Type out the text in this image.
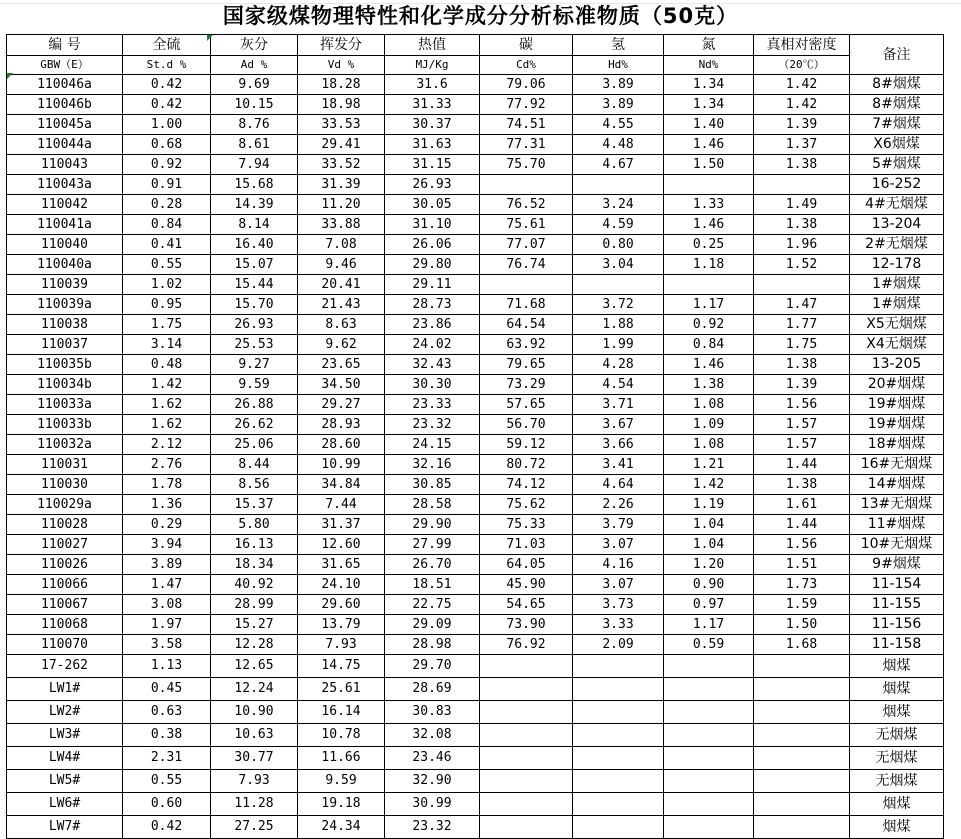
国家级煤物理特性和化学成分分析标准物质（50克）
编 号	全硫	灰分	挥发分	热值	碳	氢	氮	真相对密度	备注
GBW（E）	St.d %	Ad %	Vd %	MJ/Kg	Cd%	Hd%	Nd%	（20℃）	
110046a	0.42	9.69	18.28	31.6	79.06	3.89	1.34	1.42	8#烟煤
110046b	0.42	10.15	18.98	31.33	77.92	3.89	1.34	1.42	8#烟煤
110045a	1.00	8.76	33.53	30.37	74.51	4.55	1.40	1.39	7#烟煤
110044a	0.68	8.61	29.41	31.63	77.31	4.48	1.46	1.37	X6烟煤
110043	0.92	7.94	33.52	31.15	75.70	4.67	1.50	1.38	5#烟煤
110043a	0.91	15.68	31.39	26.93					16-252
110042	0.28	14.39	11.20	30.05	76.52	3.24	1.33	1.49	4#无烟煤
110041a	0.84	8.14	33.88	31.10	75.61	4.59	1.46	1.38	13-204
110040	0.41	16.40	7.08	26.06	77.07	0.80	0.25	1.96	2#无烟煤
110040a	0.55	15.07	9.46	29.80	76.74	3.04	1.18	1.52	12-178
110039	1.02	15.44	20.41	29.11					1#烟煤
110039a	0.95	15.70	21.43	28.73	71.68	3.72	1.17	1.47	1#烟煤
110038	1.75	26.93	8.63	23.86	64.54	1.88	0.92	1.77	X5无烟煤
110037	3.14	25.53	9.62	24.02	63.92	1.99	0.84	1.75	X4无烟煤
110035b	0.48	9.27	23.65	32.43	79.65	4.28	1.46	1.38	13-205
110034b	1.42	9.59	34.50	30.30	73.29	4.54	1.38	1.39	20#烟煤
110033a	1.62	26.88	29.27	23.33	57.65	3.71	1.08	1.56	19#烟煤
110033b	1.62	26.62	28.93	23.32	56.70	3.67	1.09	1.57	19#烟煤
110032a	2.12	25.06	28.60	24.15	59.12	3.66	1.08	1.57	18#烟煤
110031	2.76	8.44	10.99	32.16	80.72	3.41	1.21	1.44	16#无烟煤
110030	1.78	8.56	34.84	30.85	74.12	4.64	1.42	1.38	14#烟煤
110029a	1.36	15.37	7.44	28.58	75.62	2.26	1.19	1.61	13#无烟煤
110028	0.29	5.80	31.37	29.90	75.33	3.79	1.04	1.44	11#烟煤
110027	3.94	16.13	12.60	27.99	71.03	3.07	1.04	1.56	10#无烟煤
110026	3.89	18.34	31.65	26.70	64.05	4.16	1.20	1.51	9#烟煤
110066	1.47	40.92	24.10	18.51	45.90	3.07	0.90	1.73	11-154
110067	3.08	28.99	29.60	22.75	54.65	3.73	0.97	1.59	11-155
110068	1.97	15.27	13.79	29.09	73.90	3.33	1.17	1.50	11-156
110070	3.58	12.28	7.93	28.98	76.92	2.09	0.59	1.68	11-158
17-262	1.13	12.65	14.75	29.70					烟煤
LW1#	0.45	12.24	25.61	28.69					烟煤
LW2#	0.63	10.90	16.14	30.83					烟煤
LW3#	0.38	10.63	10.78	32.08					无烟煤
LW4#	2.31	30.77	11.66	23.46					无烟煤
LW5#	0.55	7.93	9.59	32.90					无烟煤
LW6#	0.60	11.28	19.18	30.99					烟煤
LW7#	0.42	27.25	24.34	23.32					烟煤
